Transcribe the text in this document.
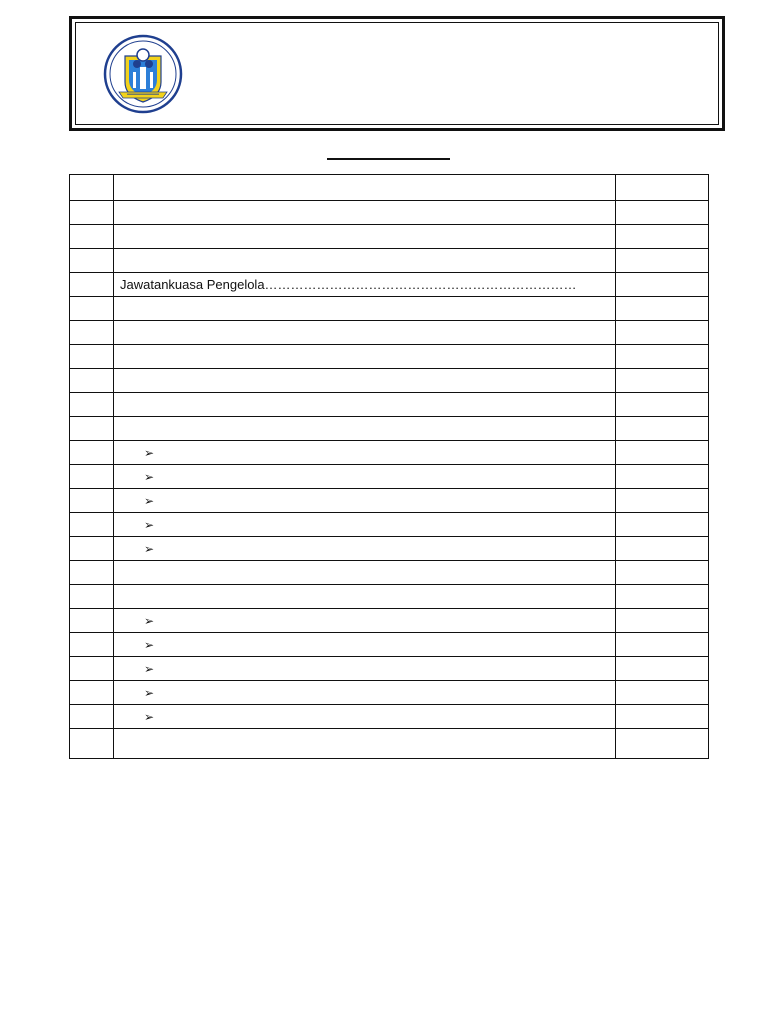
	Jawatankuasa Pengelola………………………………………………………………	

	➢	
	➢	
	➢	
	➢	
	➢	

	➢	
	➢	
	➢	
	➢	
	➢	
